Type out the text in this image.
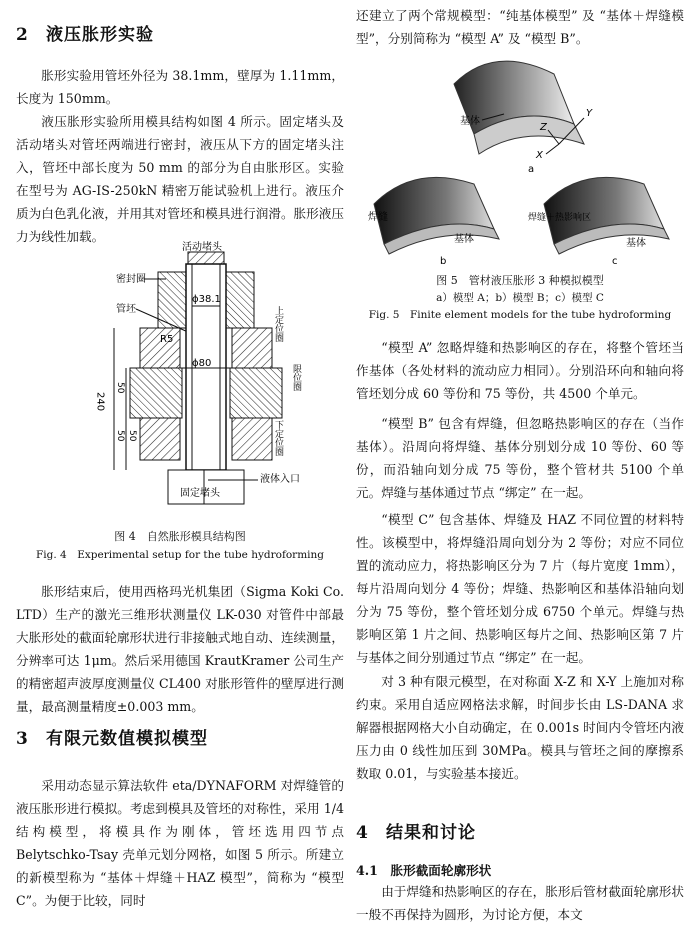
2 液压胀形实验

胀形实验用管坯外径为 38.1mm，壁厚为 1.11mm，长度为 150mm。

液压胀形实验所用模具结构如图 4 所示。固定堵头及活动堵头对管坯两端进行密封，液压从下方的固定堵头注入，管坯中部长度为 50 mm 的部分为自由胀形区。实验在型号为 AG-IS-250kN 精密万能试验机上进行。液压介质为白色乳化液，并用其对管坯和模具进行润滑。胀形液压力为线性加载。

活动堵头
密封圈
管坯	上定位圈
限位圈
下定位圈
ϕ38.1
ϕ80
R5
240
50
50 50
固定堵头
液体入口

图 4　自然胀形模具结构图

Fig. 4　Experimental setup for the tube hydroforming

胀形结束后，使用西格玛光机集团（Sigma Koki Co. LTD）生产的激光三维形状测量仪 LK-030 对管件中部最大胀形处的截面轮廓形状进行非接触式地自动、连续测量，分辨率可达 1μm。然后采用德国 KrautKramer 公司生产的精密超声波厚度测量仪 CL400 对胀形管件的壁厚进行测量，最高测量精度±0.003 mm。

3 有限元数值模拟模型

采用动态显示算法软件 eta/DYNAFORM 对焊缝管的液压胀形进行模拟。考虑到模具及管坯的对称性，采用 1/4 结构模型，将模具作为刚体，管坯选用四节点 Belytschko-Tsay 壳单元划分网格，如图 5 所示。所建立的新模型称为 “基体＋焊缝＋HAZ 模型”，简称为 “模型 C”。为便于比较，同时

还建立了两个常规模型：“纯基体模型” 及 “基体＋焊缝模型”，分别简称为 “模型 A” 及 “模型 B”。

基体
Y
Z
X
a
焊缝
基体
b
焊缝＋热影响区
基体
c

图 5　管材液压胀形 3 种模拟模型

a）模型 A；b）模型 B；c）模型 C

Fig. 5　Finite element models for the tube hydroforming

“模型 A” 忽略焊缝和热影响区的存在，将整个管坯当作基体（各处材料的流动应力相同）。分别沿环向和轴向将管坯划分成 60 等份和 75 等份，共 4500 个单元。

“模型 B” 包含有焊缝，但忽略热影响区的存在（当作基体）。沿周向将焊缝、基体分别划分成 10 等份、60 等份，而沿轴向划分成 75 等份，整个管材共 5100 个单元。焊缝与基体通过节点 “绑定” 在一起。

“模型 C” 包含基体、焊缝及 HAZ 不同位置的材料特性。该模型中，将焊缝沿周向划分为 2 等份；对应不同位置的流动应力，将热影响区分为 7 片（每片宽度 1mm），每片沿周向划分 4 等份；焊缝、热影响区和基体沿轴向划分为 75 等份，整个管坯划分成 6750 个单元。焊缝与热影响区第 1 片之间、热影响区每片之间、热影响区第 7 片与基体之间分别通过节点 “绑定” 在一起。

对 3 种有限元模型，在对称面 X-Z 和 X-Y 上施加对称约束。采用自适应网格法求解，时间步长由 LS-DANA 求解器根据网格大小自动确定，在 0.001s 时间内令管坯内液压力由 0 线性加压到 30MPa。模具与管坯之间的摩擦系数取 0.01，与实验基本接近。

4 结果和讨论

4.1　胀形截面轮廓形状

由于焊缝和热影响区的存在，胀形后管材截面轮廓形状一般不再保持为圆形，为讨论方便，本文
